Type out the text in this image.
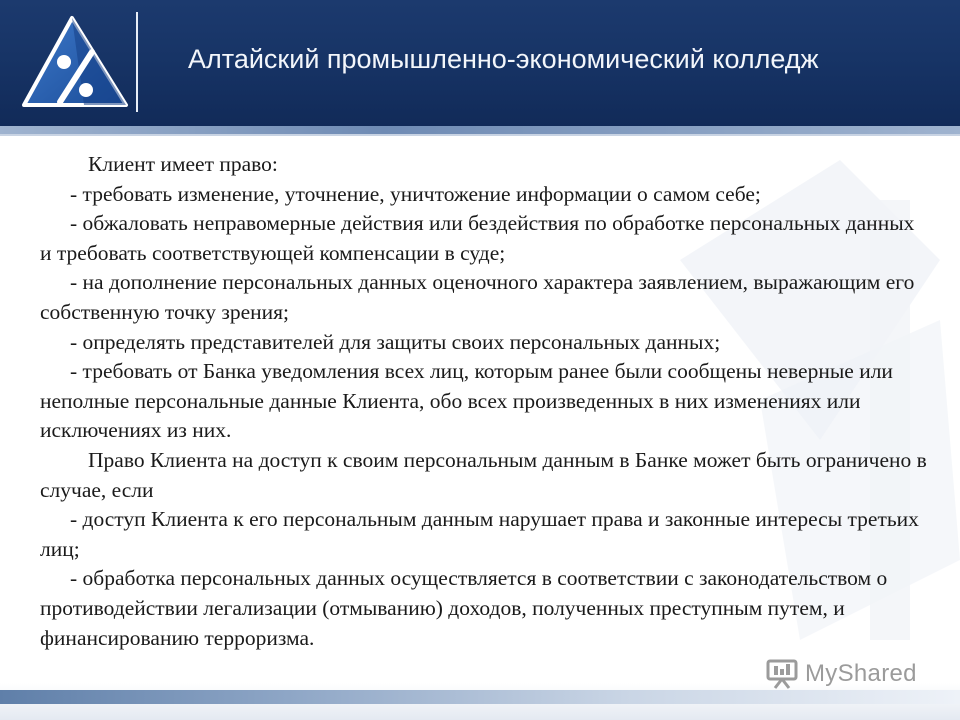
Алтайский промышленно-экономический колледж

Клиент имеет право:

- требовать изменение, уточнение, уничтожение информации о самом себе;

- обжаловать неправомерные действия или бездействия по обработке персональных данных и требовать соответствующей компенсации в суде;

- на дополнение персональных данных оценочного характера заявлением, выражающим его собственную точку зрения;

- определять представителей для защиты своих персональных данных;

- требовать от Банка уведомления всех лиц, которым ранее были сообщены неверные или неполные персональные данные Клиента, обо всех произведенных в них изменениях или исключениях из них.

Право Клиента на доступ к своим персональным данным в Банке может быть ограничено в случае, если

- доступ Клиента к его персональным данным нарушает права и законные интересы третьих лиц;

- обработка персональных данных осуществляется в соответствии с законодательством о противодействии легализации (отмыванию) доходов, полученных преступным путем, и финансированию терроризма.

MyShared
